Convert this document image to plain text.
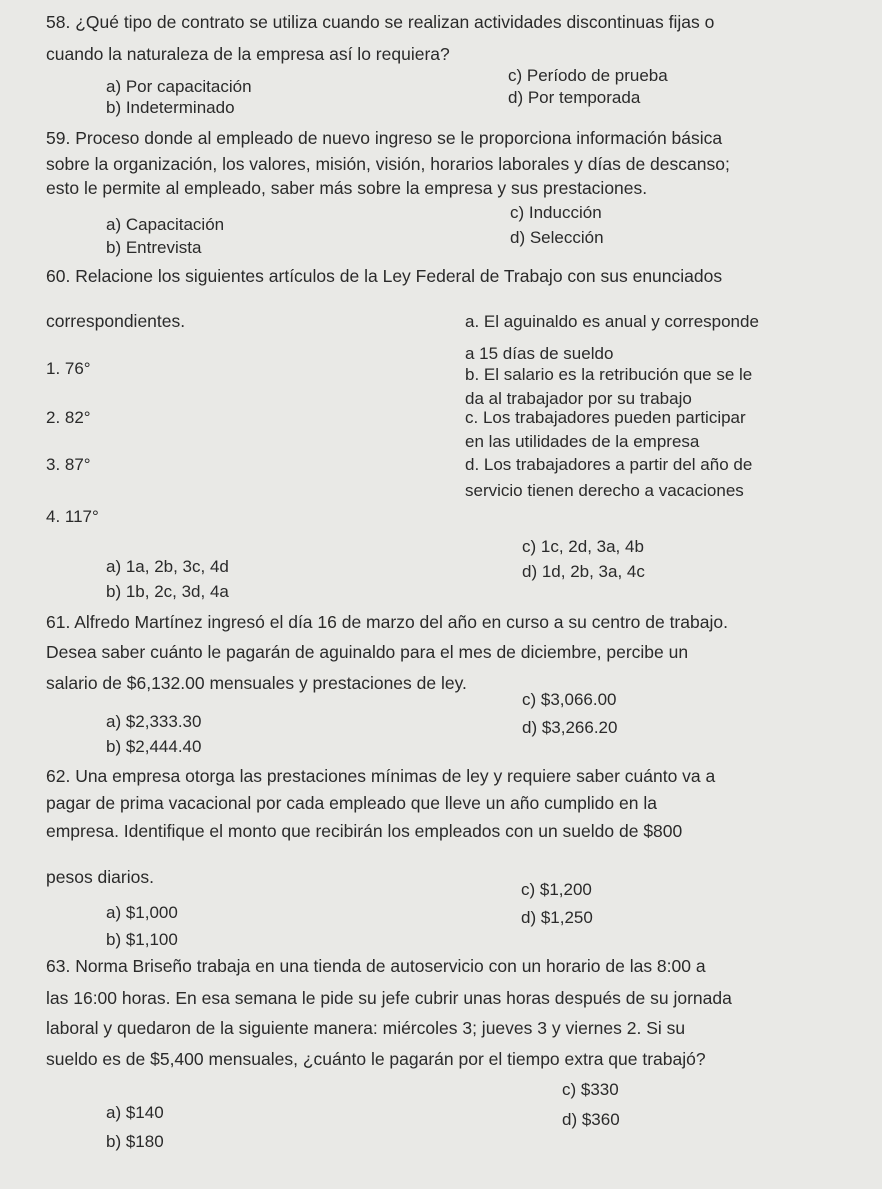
58. ¿Qué tipo de contrato se utiliza cuando se realizan actividades discontinuas fijas o
cuando la naturaleza de la empresa así lo requiera?
a) Por capacitación
b) Indeterminado
c) Período de prueba
d) Por temporada
59. Proceso donde al empleado de nuevo ingreso se le proporciona información básica
sobre la organización, los valores, misión, visión, horarios laborales y días de descanso;
esto le permite al empleado, saber más sobre la empresa y sus prestaciones.
a) Capacitación
b) Entrevista
c) Inducción
d) Selección
60. Relacione los siguientes artículos de la Ley Federal de Trabajo con sus enunciados
correspondientes.
1. 76°
2. 82°
3. 87°
4. 117°
a. El aguinaldo es anual y corresponde
a 15 días de sueldo
b. El salario es la retribución que se le
da al trabajador por su trabajo
c. Los trabajadores pueden participar
en las utilidades de la empresa
d. Los trabajadores a partir del año de
servicio tienen derecho a vacaciones
a) 1a, 2b, 3c, 4d
b) 1b, 2c, 3d, 4a
c) 1c, 2d, 3a, 4b
d) 1d, 2b, 3a, 4c
61. Alfredo Martínez ingresó el día 16 de marzo del año en curso a su centro de trabajo.
Desea saber cuánto le pagarán de aguinaldo para el mes de diciembre, percibe un
salario de $6,132.00 mensuales y prestaciones de ley.
a) $2,333.30
b) $2,444.40
c) $3,066.00
d) $3,266.20
62. Una empresa otorga las prestaciones mínimas de ley y requiere saber cuánto va a
pagar de prima vacacional por cada empleado que lleve un año cumplido en la
empresa. Identifique el monto que recibirán los empleados con un sueldo de $800
pesos diarios.
a) $1,000
b) $1,100
c) $1,200
d) $1,250
63. Norma Briseño trabaja en una tienda de autoservicio con un horario de las 8:00 a
las 16:00 horas. En esa semana le pide su jefe cubrir unas horas después de su jornada
laboral y quedaron de la siguiente manera: miércoles 3; jueves 3 y viernes 2. Si su
sueldo es de $5,400 mensuales, ¿cuánto le pagarán por el tiempo extra que trabajó?
a) $140
b) $180
c) $330
d) $360
